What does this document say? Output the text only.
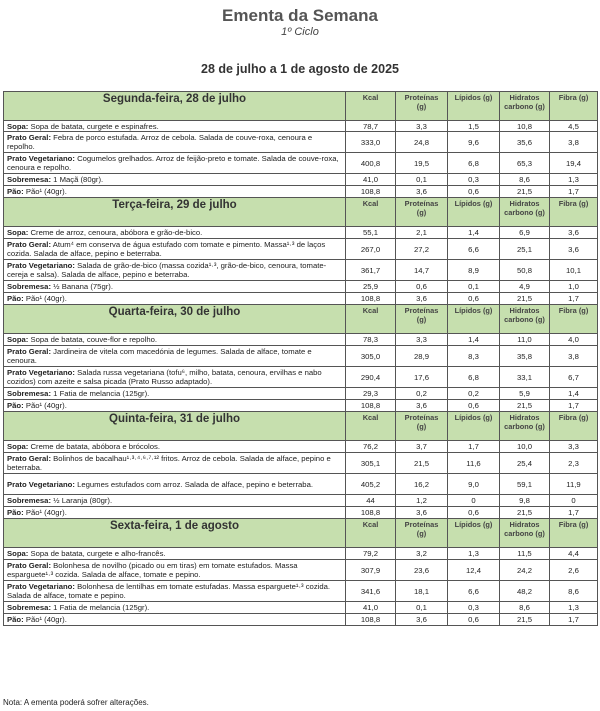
Ementa da Semana
1º Ciclo
28 de julho a 1 de agosto de 2025
Segunda-feira, 28 de julho	Kcal	Proteínas (g)	Lípidos (g)	Hidratos carbono (g)	Fibra (g)
Sopa: Sopa de batata, curgete e espinafres.	78,7	3,3	1,5	10,8	4,5
Prato Geral: Febra de porco estufada. Arroz de cebola. Salada de couve-roxa, cenoura e repolho.	333,0	24,8	9,6	35,6	3,8
Prato Vegetariano: Cogumelos grelhados. Arroz de feijão-preto e tomate. Salada de couve-roxa, cenoura e repolho.	400,8	19,5	6,8	65,3	19,4
Sobremesa: 1 Maçã (80gr).	41,0	0,1	0,3	8,6	1,3
Pão: Pão¹ (40gr).	108,8	3,6	0,6	21,5	1,7
Terça-feira, 29 de julho	Kcal	Proteínas (g)	Lípidos (g)	Hidratos carbono (g)	Fibra (g)
Sopa: Creme de arroz, cenoura, abóbora e grão-de-bico.	55,1	2,1	1,4	6,9	3,6
Prato Geral: Atum⁴ em conserva de água estufado com tomate e pimento. Massa¹·³ de laços cozida. Salada de alface, pepino e beterraba.	267,0	27,2	6,6	25,1	3,6
Prato Vegetariano: Salada de grão-de-bico (massa cozida¹·³, grão-de-bico, cenoura, tomate-cereja e salsa). Salada de alface, pepino e beterraba.	361,7	14,7	8,9	50,8	10,1
Sobremesa: ½ Banana (75gr).	25,9	0,6	0,1	4,9	1,0
Pão: Pão¹ (40gr).	108,8	3,6	0,6	21,5	1,7
Quarta-feira, 30 de julho	Kcal	Proteínas (g)	Lípidos (g)	Hidratos carbono (g)	Fibra (g)
Sopa: Sopa de batata, couve-flor e repolho.	78,3	3,3	1,4	11,0	4,0
Prato Geral: Jardineira de vitela com macedónia de legumes. Salada de alface, tomate e cenoura.	305,0	28,9	8,3	35,8	3,8
Prato Vegetariano: Salada russa vegetariana (tofu⁶, milho, batata, cenoura, ervilhas e nabo cozidos) com azeite e salsa picada (Prato Russo adaptado).	290,4	17,6	6,8	33,1	6,7
Sobremesa: 1 Fatia de melancia (125gr).	29,3	0,2	0,2	5,9	1,4
Pão: Pão¹ (40gr).	108,8	3,6	0,6	21,5	1,7
Quinta-feira, 31 de julho	Kcal	Proteínas (g)	Lípidos (g)	Hidratos carbono (g)	Fibra (g)
Sopa: Creme de batata, abóbora e brócolos.	76,2	3,7	1,7	10,0	3,3
Prato Geral: Bolinhos de bacalhau¹·³·⁴·⁶·⁷·¹² fritos. Arroz de cebola. Salada de alface, pepino e beterraba.	305,1	21,5	11,6	25,4	2,3
Prato Vegetariano: Legumes estufados com arroz. Salada de alface, pepino e beterraba.	405,2	16,2	9,0	59,1	11,9
Sobremesa: ½ Laranja (80gr).	44	1,2	0	9,8	0
Pão: Pão¹ (40gr).	108,8	3,6	0,6	21,5	1,7
Sexta-feira, 1 de agosto	Kcal	Proteínas (g)	Lípidos (g)	Hidratos carbono (g)	Fibra (g)
Sopa: Sopa de batata, curgete e alho-francês.	79,2	3,2	1,3	11,5	4,4
Prato Geral: Bolonhesa de novilho (picado ou em tiras) em tomate estufados. Massa esparguete¹·³ cozida. Salada de alface, tomate e pepino.	307,9	23,6	12,4	24,2	2,6
Prato Vegetariano: Bolonhesa de lentilhas em tomate estufadas. Massa esparguete¹·³ cozida. Salada de alface, tomate e pepino.	341,6	18,1	6,6	48,2	8,6
Sobremesa: 1 Fatia de melancia (125gr).	41,0	0,1	0,3	8,6	1,3
Pão: Pão¹ (40gr).	108,8	3,6	0,6	21,5	1,7
Nota: A ementa poderá sofrer alterações.
